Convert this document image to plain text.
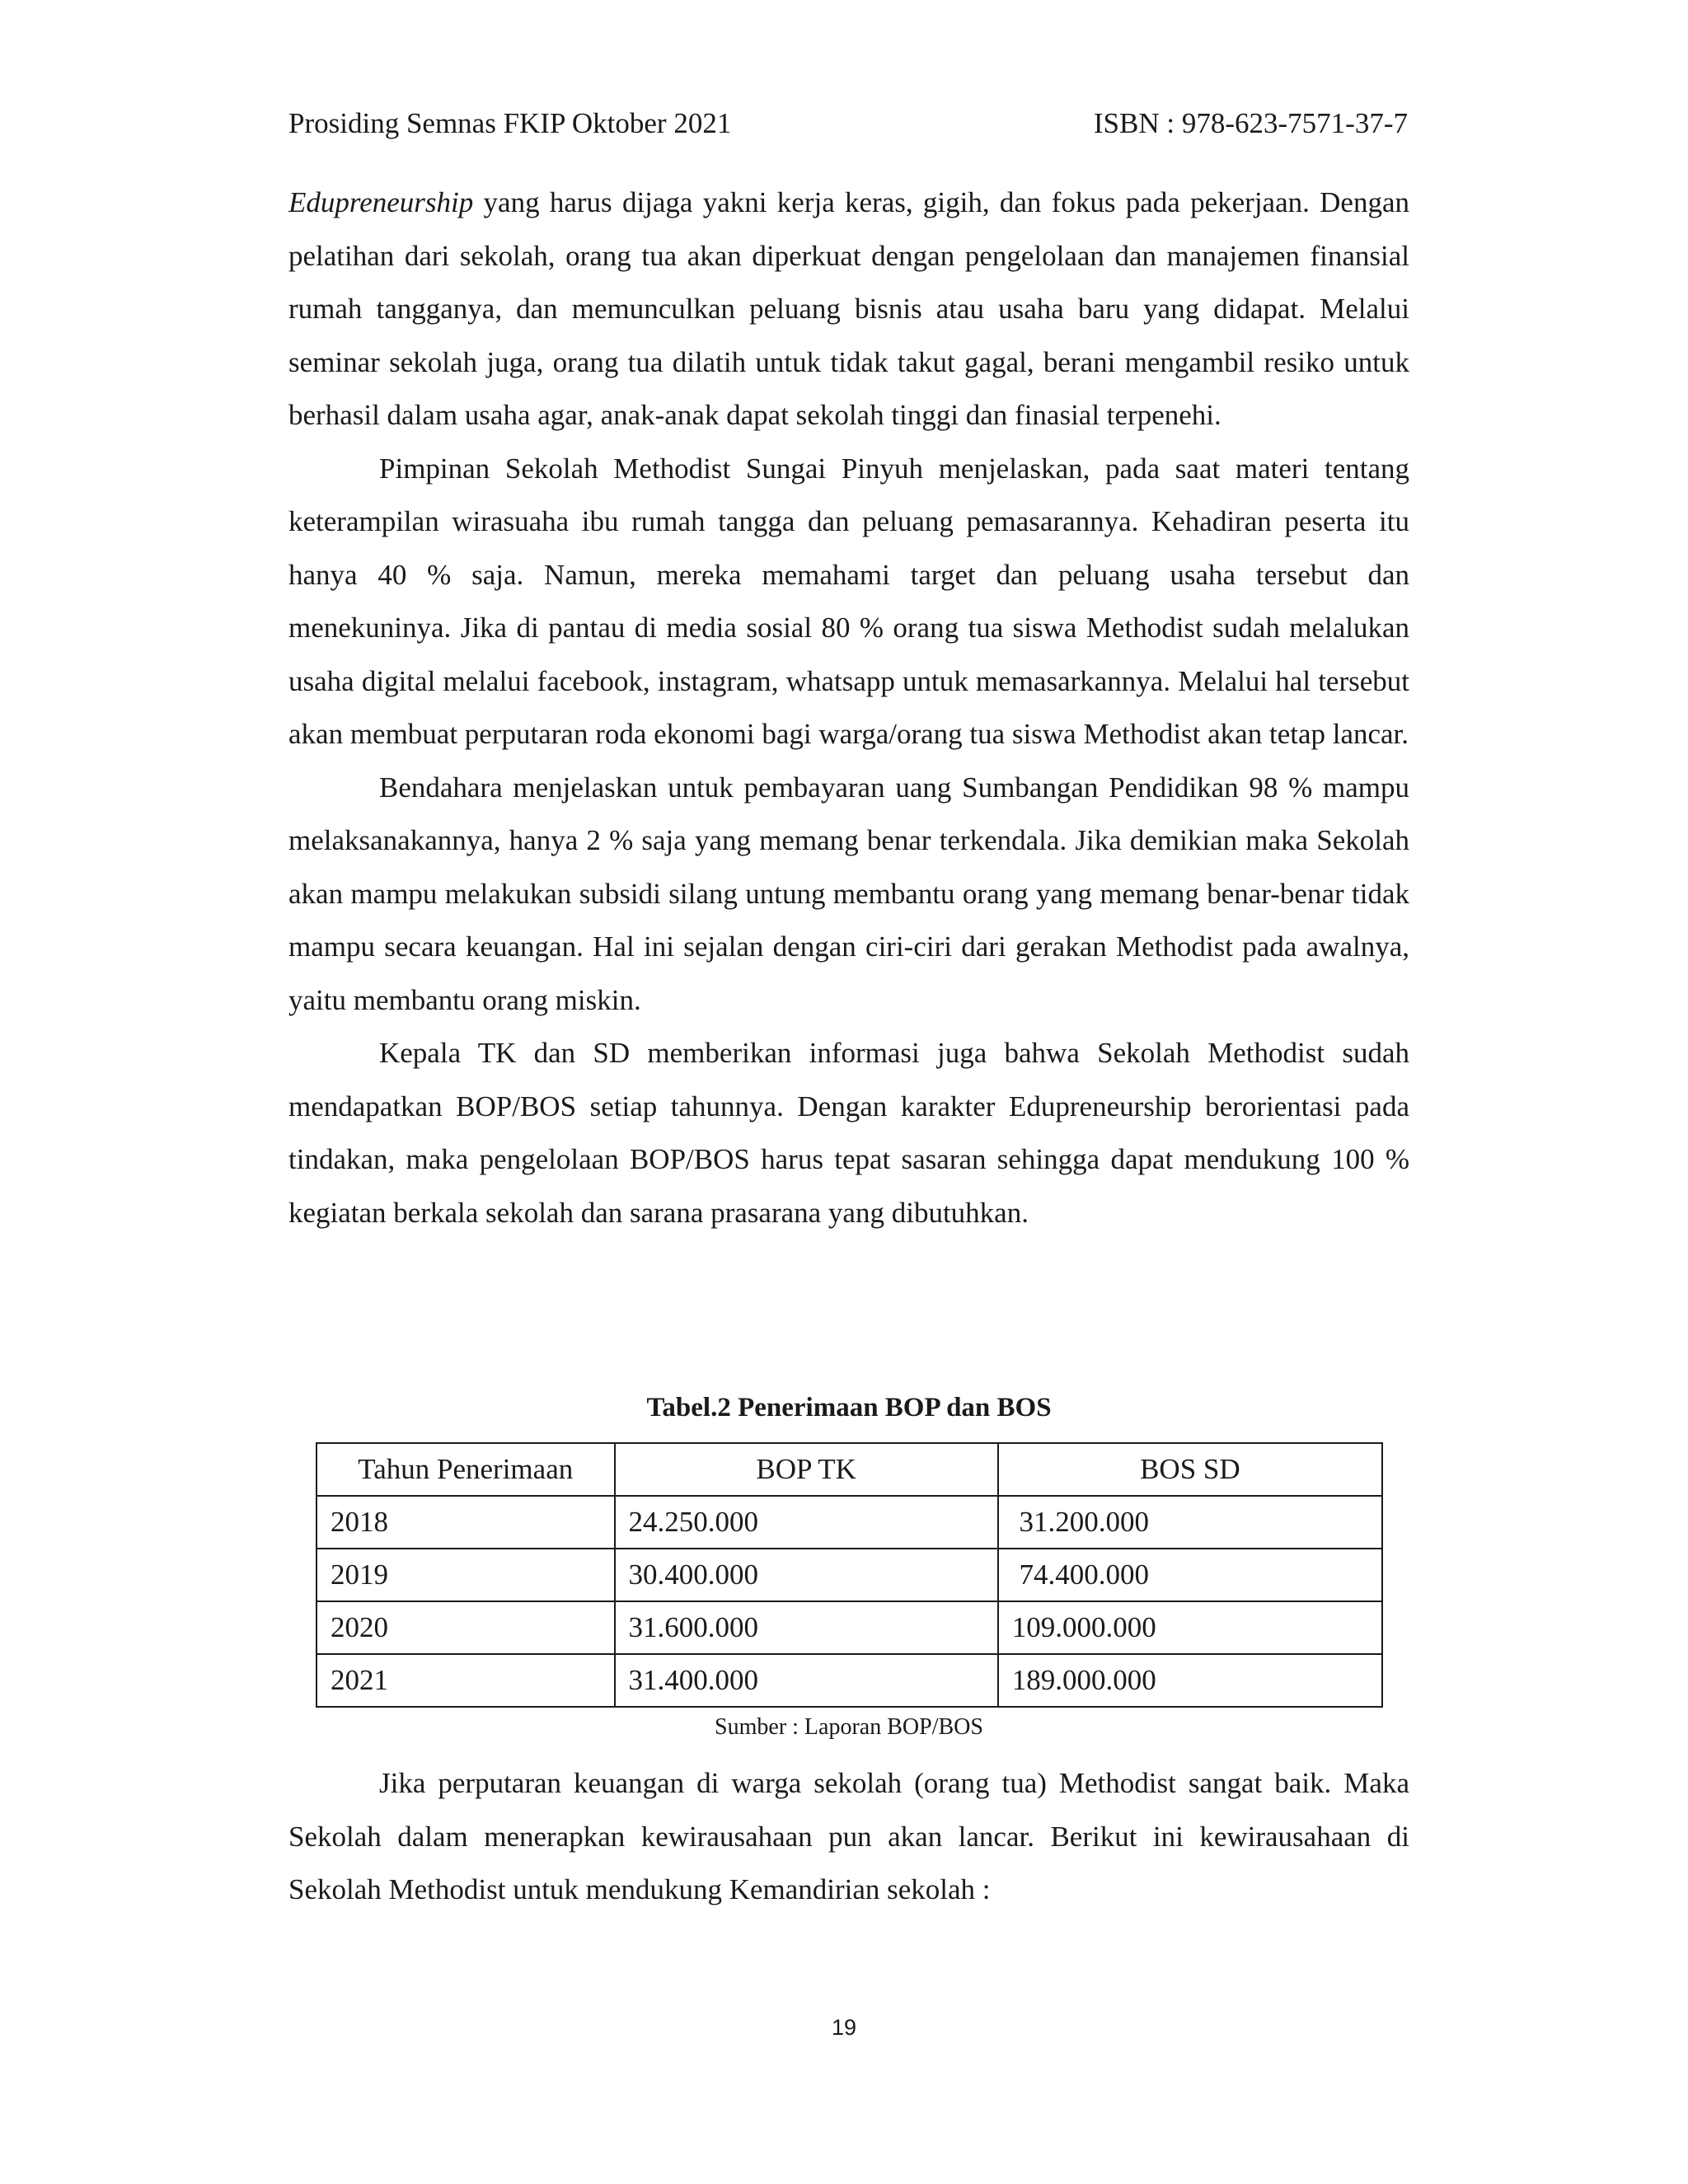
Prosiding Semnas FKIP Oktober 2021	ISBN : 978-623-7571-37-7

Edupreneurship yang harus dijaga yakni kerja keras, gigih, dan fokus pada pekerjaan. Dengan pelatihan dari sekolah, orang tua akan diperkuat dengan pengelolaan dan manajemen finansial rumah tangganya, dan memunculkan peluang bisnis atau usaha baru yang didapat. Melalui seminar sekolah juga, orang tua dilatih untuk tidak takut gagal, berani mengambil resiko untuk berhasil dalam usaha agar, anak-anak dapat sekolah tinggi dan finasial terpenehi.

Pimpinan Sekolah Methodist Sungai Pinyuh menjelaskan, pada saat materi tentang keterampilan wirasuaha ibu rumah tangga dan peluang pemasarannya. Kehadiran peserta itu hanya 40 % saja. Namun, mereka memahami target dan peluang usaha tersebut dan menekuninya. Jika di pantau di media sosial 80 % orang tua siswa Methodist sudah melalukan usaha digital melalui facebook, instagram, whatsapp untuk memasarkannya. Melalui hal tersebut akan membuat perputaran roda ekonomi bagi warga/orang tua siswa Methodist akan tetap lancar.

Bendahara menjelaskan untuk pembayaran uang Sumbangan Pendidikan 98 % mampu melaksanakannya, hanya 2 % saja yang memang benar terkendala. Jika demikian maka Sekolah akan mampu melakukan subsidi silang untung membantu orang yang memang benar-benar tidak mampu secara keuangan. Hal ini sejalan dengan ciri-ciri dari gerakan Methodist pada awalnya, yaitu membantu orang miskin.

Kepala TK dan SD memberikan informasi juga bahwa Sekolah Methodist sudah mendapatkan BOP/BOS setiap tahunnya. Dengan karakter Edupreneurship berorientasi pada tindakan, maka pengelolaan BOP/BOS harus tepat sasaran sehingga dapat mendukung 100 % kegiatan berkala sekolah dan sarana prasarana yang dibutuhkan.

Tabel.2 Penerimaan BOP dan BOS
Tahun Penerimaan	BOP TK	BOS SD
2018	24.250.000	31.200.000
2019	30.400.000	74.400.000
2020	31.600.000	109.000.000
2021	31.400.000	189.000.000
Sumber : Laporan BOP/BOS

Jika perputaran keuangan di warga sekolah (orang tua) Methodist sangat baik. Maka Sekolah dalam menerapkan kewirausahaan pun akan lancar. Berikut ini kewirausahaan di Sekolah Methodist untuk mendukung Kemandirian sekolah :

19
